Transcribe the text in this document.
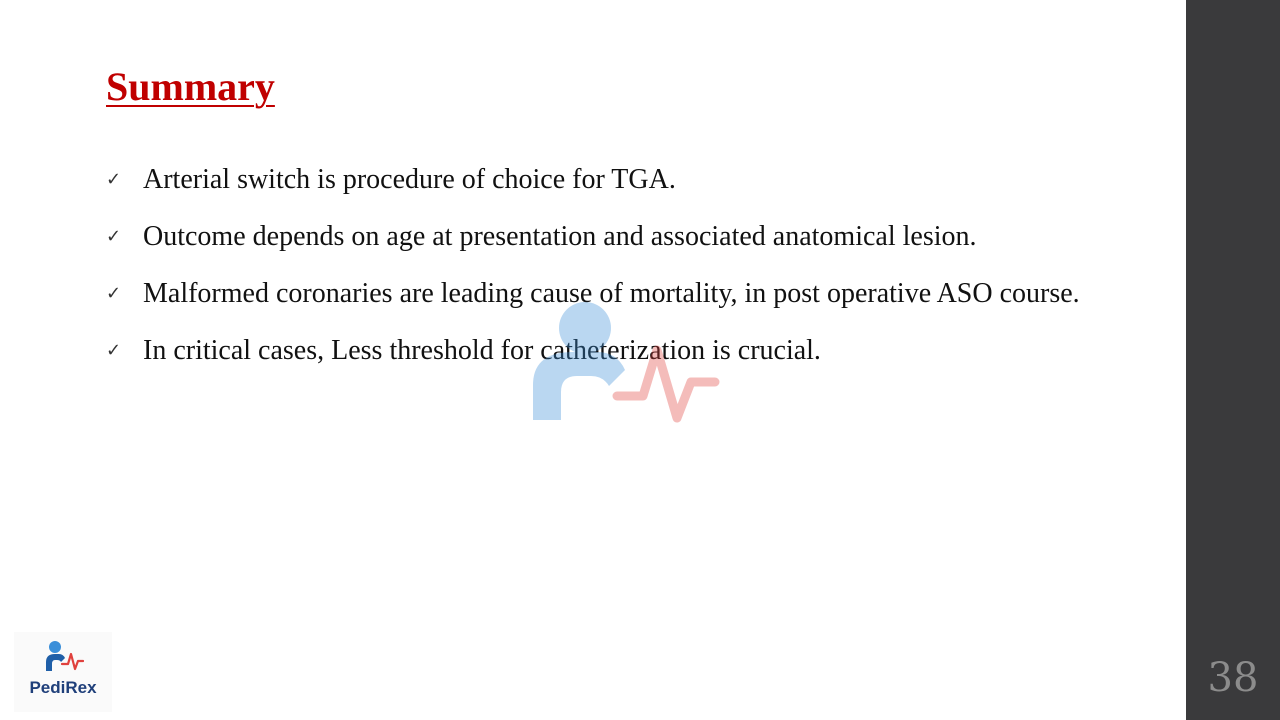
Summary
✓ Arterial switch is procedure of choice for TGA.
✓ Outcome depends on age at presentation and associated anatomical lesion.
✓ Malformed coronaries are leading cause of mortality, in post operative ASO course.
✓ In critical cases, Less threshold for catheterization is crucial.
PediRex	38
